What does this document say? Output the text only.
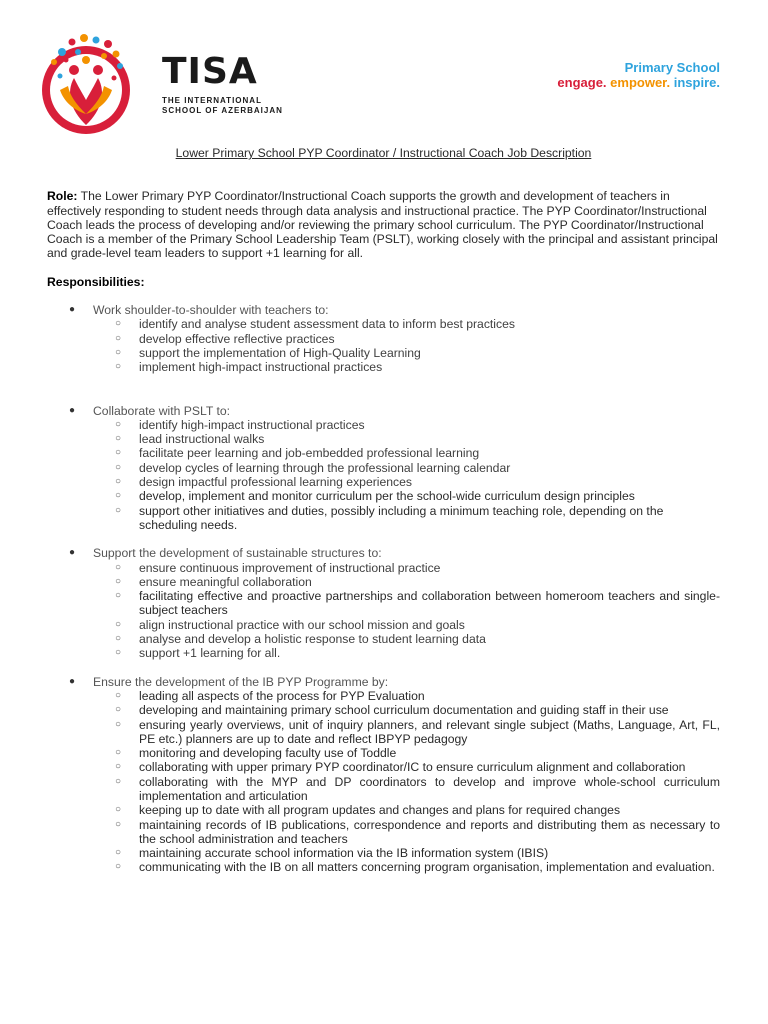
TISA
THE INTERNATIONAL
SCHOOL OF AZERBAIJAN
Primary School
engage. empower. inspire.
Lower Primary School PYP Coordinator / Instructional Coach Job Description
Role: The Lower Primary PYP Coordinator/Instructional Coach supports the growth and development of teachers in effectively responding to student needs through data analysis and instructional practice. The PYP Coordinator/Instructional Coach leads the process of developing and/or reviewing the primary school curriculum. The PYP Coordinator/Instructional Coach is a member of the Primary School Leadership Team (PSLT), working closely with the principal and assistant principal and grade-level team leaders to support +1 learning for all.
Responsibilities:
● Work shoulder-to-shoulder with teachers to:
○ identify and analyse student assessment data to inform best practices
○ develop effective reflective practices
○ support the implementation of High-Quality Learning
○ implement high-impact instructional practices
● Collaborate with PSLT to:
○ identify high-impact instructional practices
○ lead instructional walks
○ facilitate peer learning and job-embedded professional learning
○ develop cycles of learning through the professional learning calendar
○ design impactful professional learning experiences
○ develop, implement and monitor curriculum per the school-wide curriculum design principles
○ support other initiatives and duties, possibly including a minimum teaching role, depending on the scheduling needs.
● Support the development of sustainable structures to:
○ ensure continuous improvement of instructional practice
○ ensure meaningful collaboration
○ facilitating effective and proactive partnerships and collaboration between homeroom teachers and single-subject teachers
○ align instructional practice with our school mission and goals
○ analyse and develop a holistic response to student learning data
○ support +1 learning for all.
● Ensure the development of the IB PYP Programme by:
○ leading all aspects of the process for PYP Evaluation
○ developing and maintaining primary school curriculum documentation and guiding staff in their use
○ ensuring yearly overviews, unit of inquiry planners, and relevant single subject (Maths, Language, Art, FL, PE etc.) planners are up to date and reflect IBPYP pedagogy
○ monitoring and developing faculty use of Toddle
○ collaborating with upper primary PYP coordinator/IC to ensure curriculum alignment and collaboration
○ collaborating with the MYP and DP coordinators to develop and improve whole-school curriculum implementation and articulation
○ keeping up to date with all program updates and changes and plans for required changes
○ maintaining records of IB publications, correspondence and reports and distributing them as necessary to the school administration and teachers
○ maintaining accurate school information via the IB information system (IBIS)
○ communicating with the IB on all matters concerning program organisation, implementation and evaluation.
